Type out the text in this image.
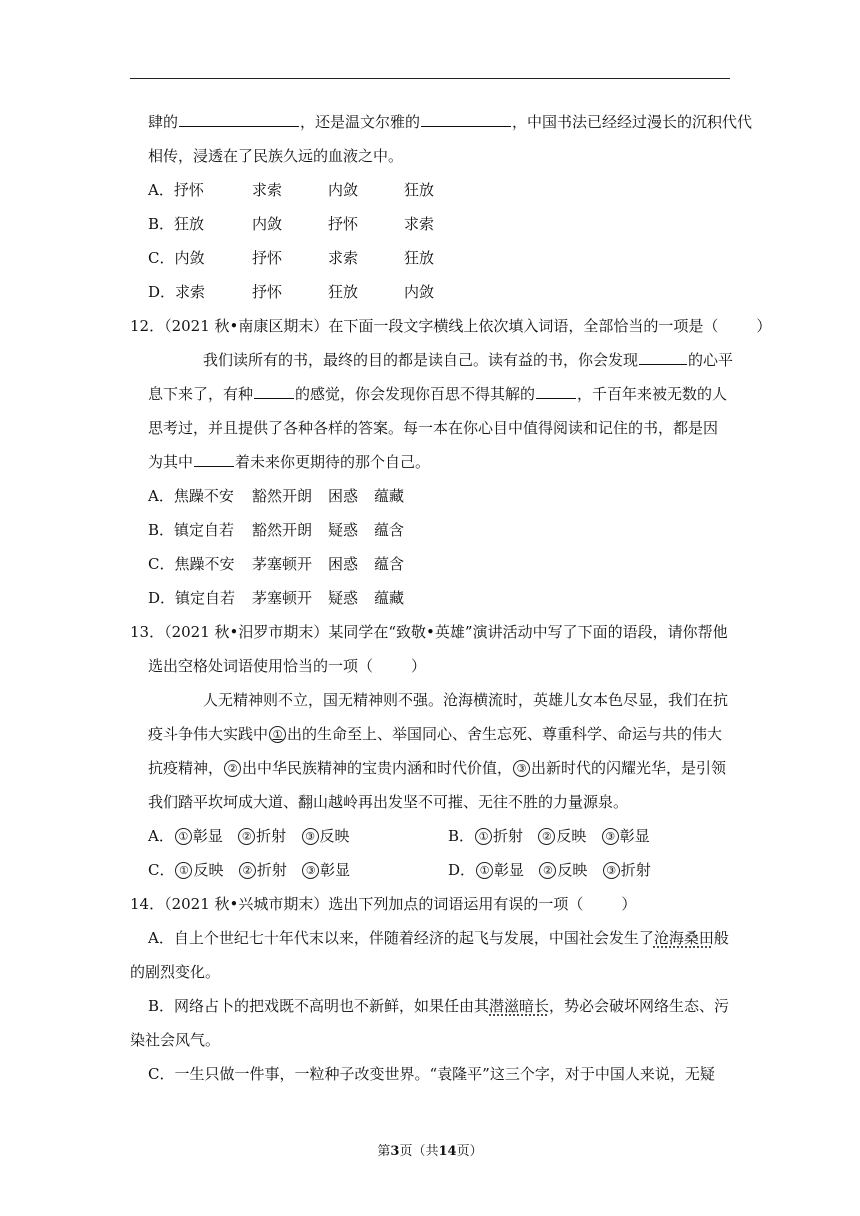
肆的	，还是温文尔雅的	，中国书法已经经过漫长的沉积代代
相传，浸透在了民族久远的血液之中。
A．抒怀	求索	内敛	狂放
B．狂放	内敛	抒怀	求索
C．内敛	抒怀	求索	狂放
D．求索	抒怀	狂放	内敛
12．（2021 秋•南康区期末）在下面一段文字横线上依次填入词语，全部恰当的一项是（	）
我们读所有的书，最终的目的都是读自己。读有益的书，你会发现	的心平
息下来了，有种	的感觉，你会发现你百思不得其解的	，千百年来被无数的人
思考过，并且提供了各种各样的答案。每一本在你心目中值得阅读和记住的书，都是因
为其中	着未来你更期待的那个自己。
A．焦躁不安 豁然开朗 困惑 蕴藏
B．镇定自若 豁然开朗 疑惑 蕴含
C．焦躁不安 茅塞顿开 困惑 蕴含
D．镇定自若 茅塞顿开 疑惑 蕴藏
13．（2021 秋•汨罗市期末）某同学在“致敬•英雄”演讲活动中写了下面的语段，请你帮他
选出空格处词语使用恰当的一项（	）
人无精神则不立，国无精神则不强。沧海横流时，英雄儿女本色尽显，我们在抗
疫斗争伟大实践中 ① 出的生命至上、举国同心、舍生忘死、尊重科学、命运与共的伟大
抗疫精神， ② 出中华民族精神的宝贵内涵和时代价值， ③ 出新时代的闪耀光华，是引领
我们踏平坎坷成大道、翻山越岭再出发坚不可摧、无往不胜的力量源泉。
A． ① 彰显 ② 折射 ③ 反映	B． ① 折射 ② 反映 ③ 彰显
C． ① 反映 ② 折射 ③ 彰显	D． ① 彰显 ② 反映 ③ 折射
14．（2021 秋•兴城市期末）选出下列加点的词语运用有误的一项（	）
A．自上个世纪七十年代末以来，伴随着经济的起飞与发展，中国社会发生了沧海桑田般
的剧烈变化。
B．网络占卜的把戏既不高明也不新鲜，如果任由其潜滋暗长，势必会破坏网络生态、污
染社会风气。
C．一生只做一件事，一粒种子改变世界。“袁隆平”这三个字，对于中国人来说，无疑
第3页（共14页）
